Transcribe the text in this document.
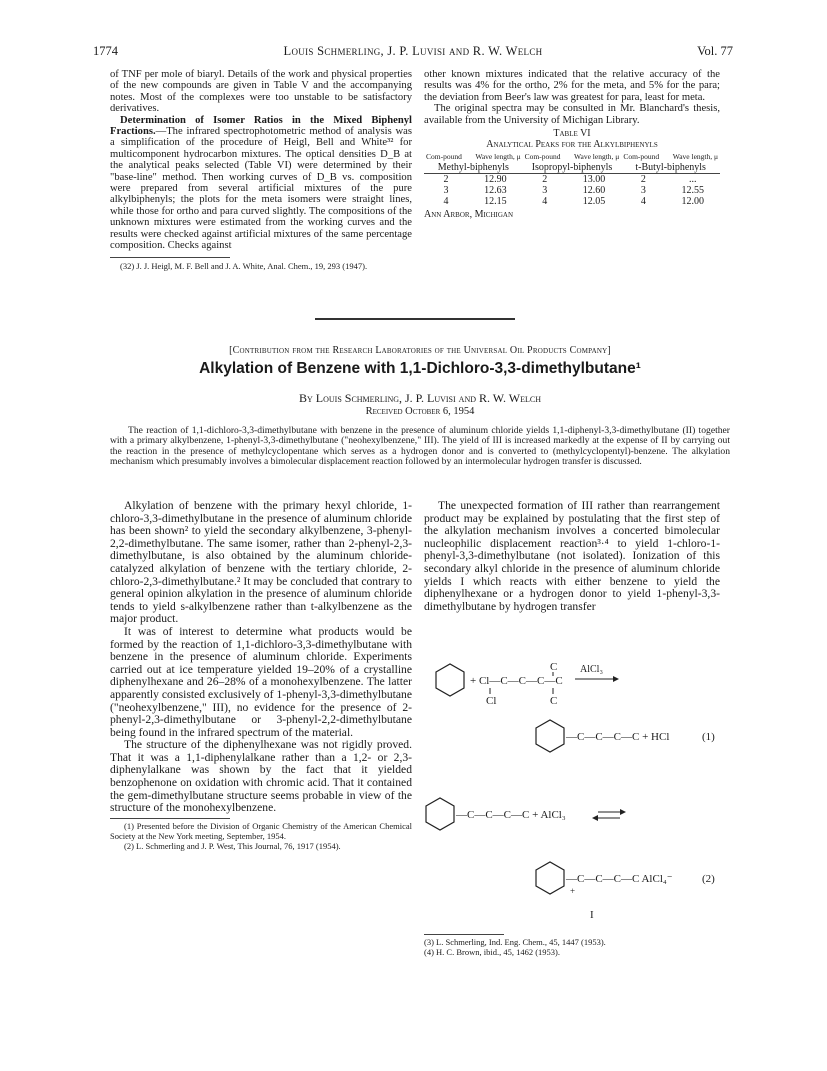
1774	Louis Schmerling, J. P. Luvisi and R. W. Welch	Vol. 77

of TNF per mole of biaryl. Details of the work and physical properties of the new compounds are given in Table V and the accompanying notes. Most of the complexes were too unstable to be satisfactory derivatives.

Determination of Isomer Ratios in the Mixed Biphenyl Fractions.—The infrared spectrophotometric method of analysis was a simplification of the procedure of Heigl, Bell and White³² for multicomponent hydrocarbon mixtures. The optical densities D_B at the analytical peaks selected (Table VI) were determined by their "base-line" method. Then working curves of D_B vs. composition were prepared from several artificial mixtures of the pure alkylbiphenyls; the plots for the meta isomers were straight lines, while those for ortho and para curved slightly. The compositions of the unknown mixtures were estimated from the working curves and the results were checked against artificial mixtures of the same percentage composition. Checks against

(32) J. J. Heigl, M. F. Bell and J. A. White, Anal. Chem., 19, 293 (1947).

other known mixtures indicated that the relative accuracy of the results was 4% for the ortho, 2% for the meta, and 5% for the para; the deviation from Beer's law was greatest for para, least for meta.

The original spectra may be consulted in Mr. Blanchard's thesis, available from the University of Michigan Library.

Table VI
Analytical Peaks for the Alkylbiphenyls
Com-pound	Wave length, μ	Com-pound	Wave length, μ	Com-pound	Wave length, μ
Methyl-biphenyls		Isopropyl-biphenyls		t-Butyl-biphenyls	
2	12.90	2	13.00	2	...
3	12.63	3	12.60	3	12.55
4	12.15	4	12.05	4	12.00
Ann Arbor, Michigan
[Contribution from the Research Laboratories of the Universal Oil Products Company]
Alkylation of Benzene with 1,1-Dichloro-3,3-dimethylbutane¹
By Louis Schmerling, J. P. Luvisi and R. W. Welch
Received October 6, 1954
The reaction of 1,1-dichloro-3,3-dimethylbutane with benzene in the presence of aluminum chloride yields 1,1-diphenyl-3,3-dimethylbutane (II) together with a primary alkylbenzene, 1-phenyl-3,3-dimethylbutane ("neohexylbenzene," III). The yield of III is increased markedly at the expense of II by carrying out the reaction in the presence of methylcyclopentane which serves as a hydrogen donor and is converted to (methylcyclopentyl)-benzene. The alkylation mechanism which presumably involves a bimolecular displacement reaction followed by an intermolecular hydrogen transfer is discussed.

Alkylation of benzene with the primary hexyl chloride, 1-chloro-3,3-dimethylbutane in the presence of aluminum chloride has been shown² to yield the secondary alkylbenzene, 3-phenyl-2,2-dimethylbutane. The same isomer, rather than 2-phenyl-2,3-dimethylbutane, is also obtained by the aluminum chloride-catalyzed alkylation of benzene with the tertiary chloride, 2-chloro-2,3-dimethylbutane.² It may be concluded that contrary to general opinion alkylation in the presence of aluminum chloride tends to yield s-alkylbenzene rather than t-alkylbenzene as the major product.

It was of interest to determine what products would be formed by the reaction of 1,1-dichloro-3,3-dimethylbutane with benzene in the presence of aluminum chloride. Experiments carried out at ice temperature yielded 19–20% of a crystalline diphenylhexane and 26–28% of a monohexylbenzene. The latter apparently consisted exclusively of 1-phenyl-3,3-dimethylbutane ("neohexylbenzene," III), no evidence for the presence of 2-phenyl-2,3-dimethylbutane or 3-phenyl-2,2-dimethylbutane being found in the infrared spectrum of the material.

The structure of the diphenylhexane was not rigidly proved. That it was a 1,1-diphenylalkane rather than a 1,2- or 2,3-diphenylalkane was shown by the fact that it yielded benzophenone on oxidation with chromic acid. That it contained the gem-dimethylbutane structure seems probable in view of the structure of the monohexylbenzene.

(1) Presented before the Division of Organic Chemistry of the American Chemical Society at the New York meeting, September, 1954.

(2) L. Schmerling and J. P. West, This Journal, 76, 1917 (1954).

The unexpected formation of III rather than rearrangement product may be explained by postulating that the first step of the alkylation mechanism involves a concerted bimolecular nucleophilic displacement reaction³·⁴ to yield 1-chloro-1-phenyl-3,3-dimethylbutane (not isolated). Ionization of this secondary alkyl chloride in the presence of aluminum chloride yields I which reacts with either benzene to yield the diphenylhexane or a hydrogen donor to yield 1-phenyl-3,3-dimethylbutane by hydrogen transfer

+ Cl—C—C—C—C
C
Cl	C
AlCl₃
—C—C—C—C + HCl	(1)
—C—C—C—C + AlCl₃
—C—C—C—C AlCl₄⁻
+
(2)
I

(3) L. Schmerling, Ind. Eng. Chem., 45, 1447 (1953).

(4) H. C. Brown, ibid., 45, 1462 (1953).
